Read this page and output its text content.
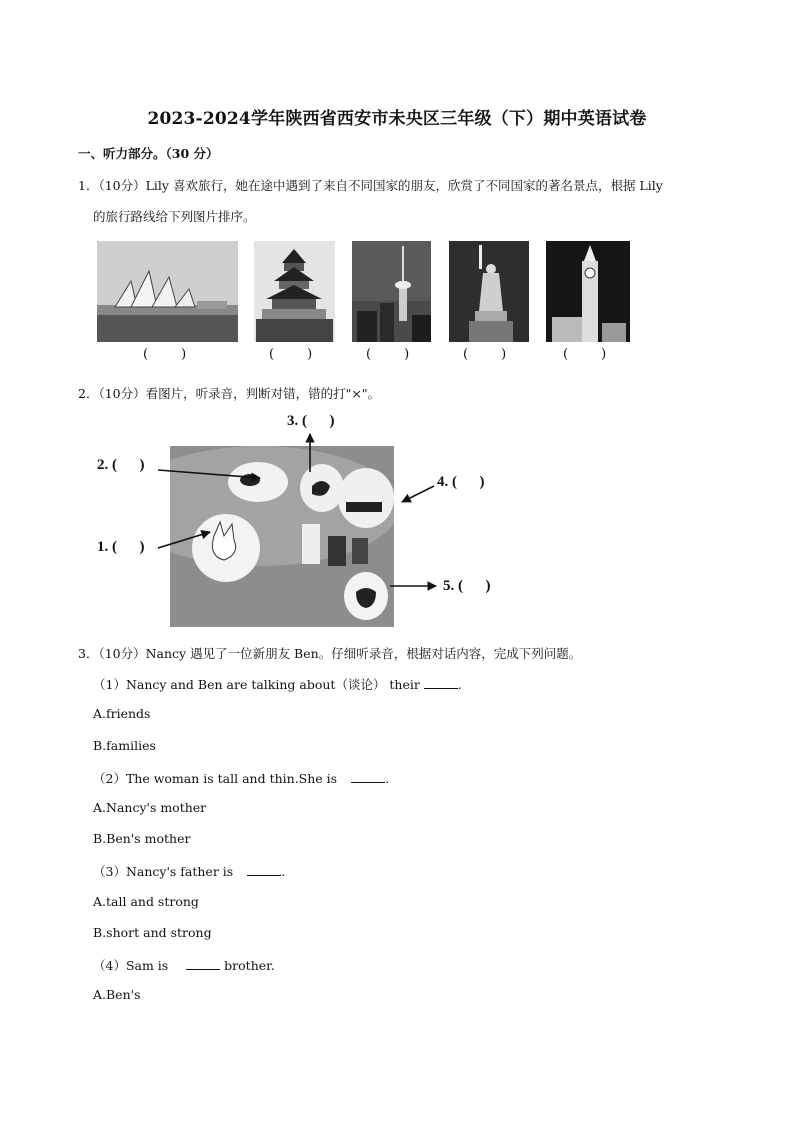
2023-2024学年陕西省西安市未央区三年级（下）期中英语试卷
一、听力部分。（30 分）
1．（10分）Lily 喜欢旅行，她在途中遇到了来自不同国家的朋友，欣赏了不同国家的著名景点，根据 Lily
的旅行路线给下列图片排序。
(        )	(        )	(        )	(        )	(        )
2．（10分）看图片，听录音，判断对错，错的打"×"。
1. (      )
2. (      )
3. (      )
4. (      )
5. (      )
3．（10分）Nancy 遇见了一位新朋友 Ben。仔细听录音，根据对话内容，完成下列问题。
（1）Nancy and Ben are talking about（谈论） their	.
A.friends
B.families
（2）The woman is tall and thin.She is	.
A.Nancy's mother
B.Ben's mother
（3）Nancy's father is	.
A.tall and strong
B.short and strong
（4）Sam is	brother.
A.Ben's
